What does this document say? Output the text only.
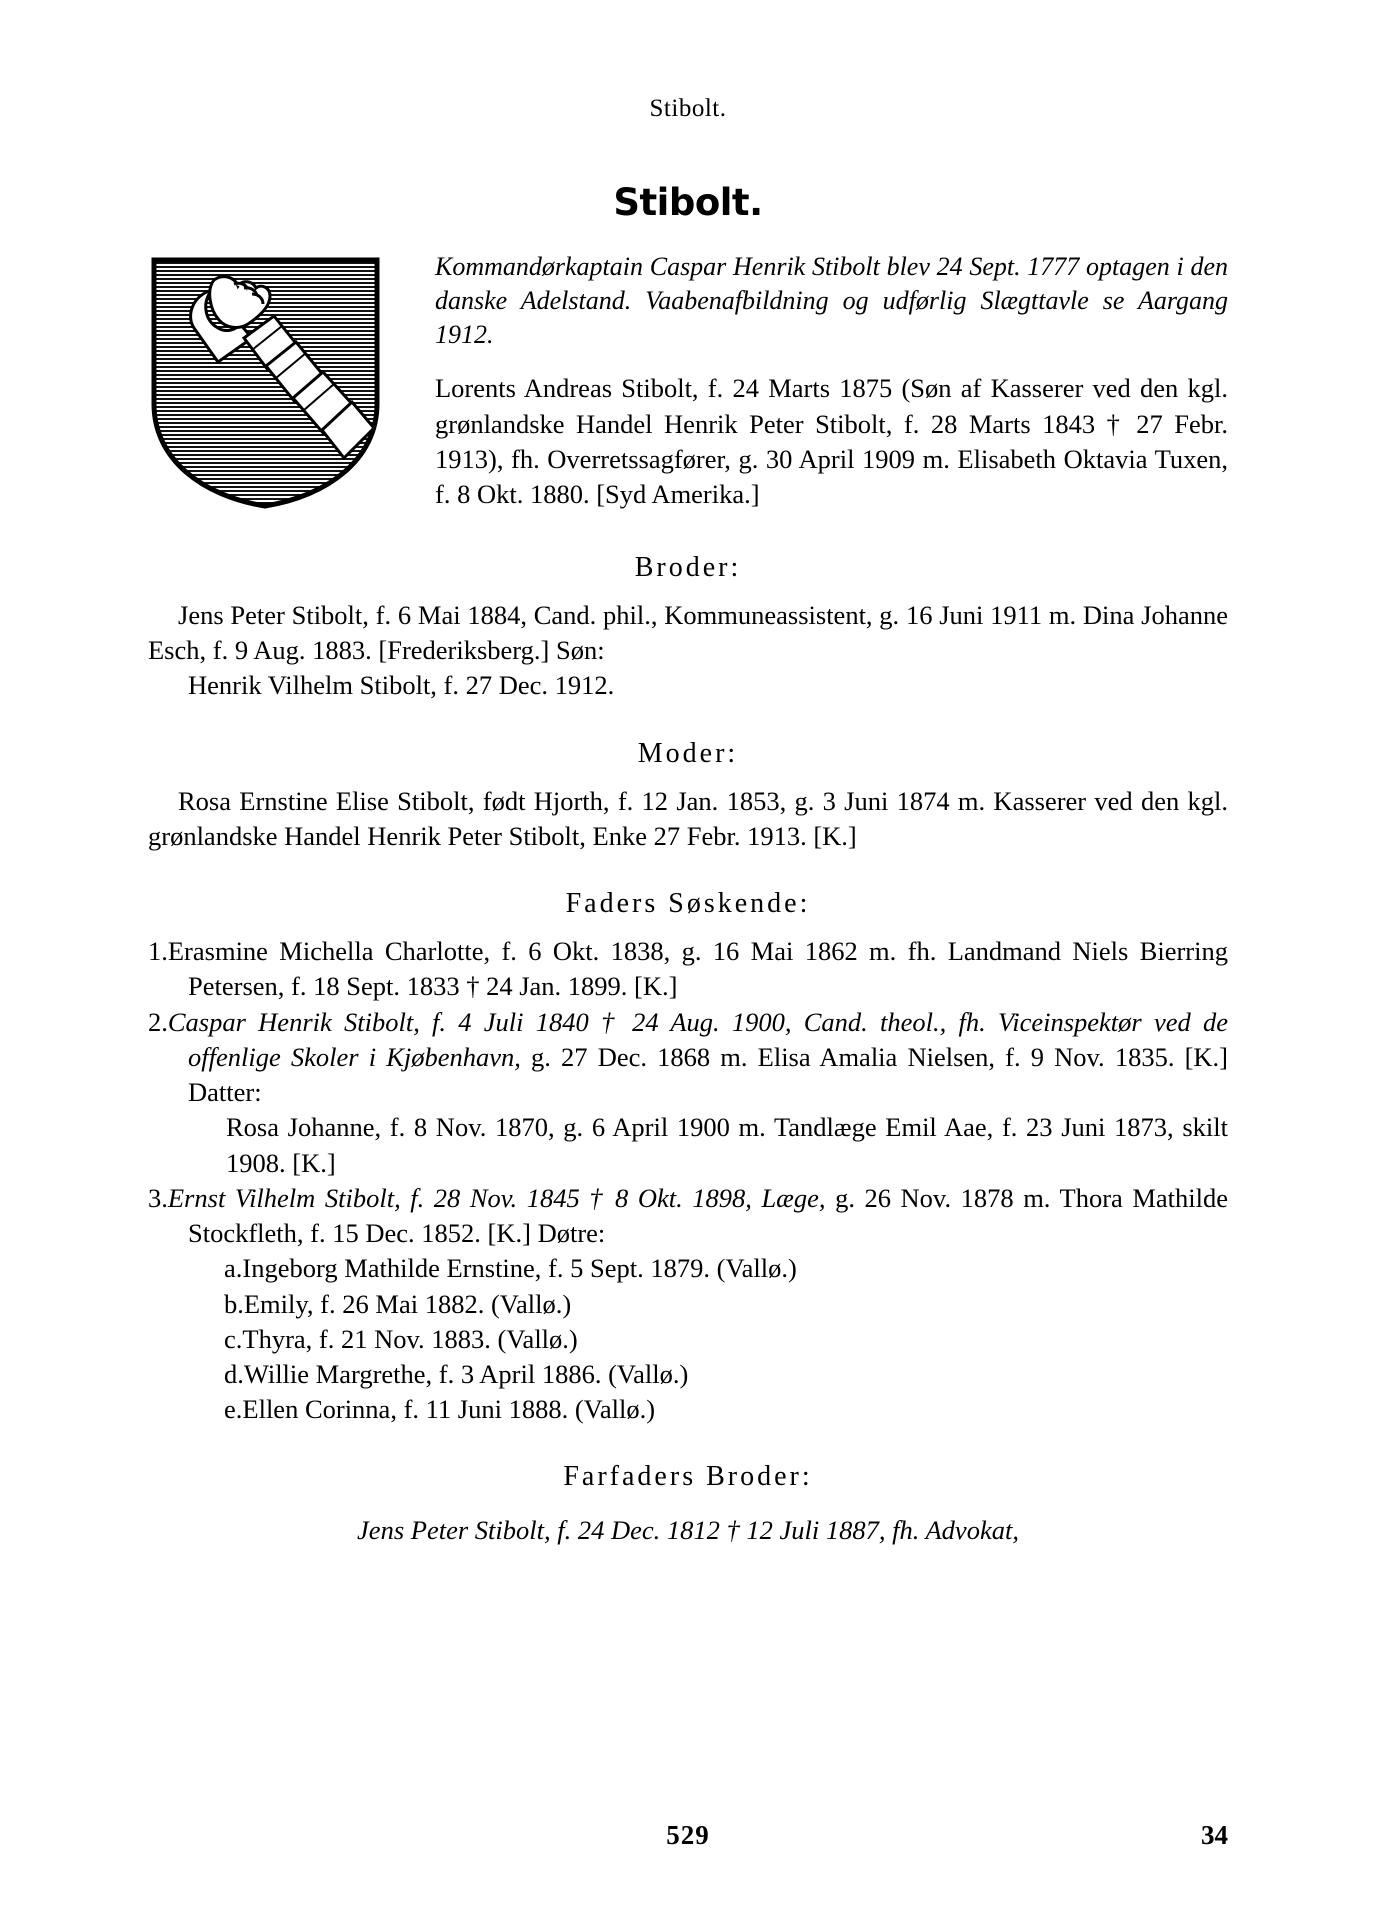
Stibolt.
Stibolt.
Kommandørkaptain Caspar Henrik Stibolt blev 24 Sept. 1777 optagen i den danske Adelstand. Vaabenafbildning og udførlig Slægttavle se Aargang 1912.
Lorents Andreas Stibolt, f. 24 Marts 1875 (Søn af Kasserer ved den kgl. grønlandske Handel Henrik Peter Stibolt, f. 28 Marts 1843 † 27 Febr. 1913), fh. Overretssagfører, g. 30 April 1909 m. Elisabeth Oktavia Tuxen, f. 8 Okt. 1880. [Syd Amerika.]
Broder:
Jens Peter Stibolt, f. 6 Mai 1884, Cand. phil., Kommuneassistent, g. 16 Juni 1911 m. Dina Johanne Esch, f. 9 Aug. 1883. [Frederiksberg.] Søn:
Henrik Vilhelm Stibolt, f. 27 Dec. 1912.
Moder:
Rosa Ernstine Elise Stibolt, født Hjorth, f. 12 Jan. 1853, g. 3 Juni 1874 m. Kasserer ved den kgl. grønlandske Handel Henrik Peter Stibolt, Enke 27 Febr. 1913. [K.]
Faders Søskende:
1.Erasmine Michella Charlotte, f. 6 Okt. 1838, g. 16 Mai 1862 m. fh. Landmand Niels Bierring Petersen, f. 18 Sept. 1833 † 24 Jan. 1899. [K.]
2.Caspar Henrik Stibolt, f. 4 Juli 1840 † 24 Aug. 1900, Cand. theol., fh. Viceinspektør ved de offenlige Skoler i Kjøbenhavn, g. 27 Dec. 1868 m. Elisa Amalia Nielsen, f. 9 Nov. 1835. [K.] Datter:
Rosa Johanne, f. 8 Nov. 1870, g. 6 April 1900 m. Tandlæge Emil Aae, f. 23 Juni 1873, skilt 1908. [K.]
3.Ernst Vilhelm Stibolt, f. 28 Nov. 1845 † 8 Okt. 1898, Læge, g. 26 Nov. 1878 m. Thora Mathilde Stockfleth, f. 15 Dec. 1852. [K.] Døtre:
a.Ingeborg Mathilde Ernstine, f. 5 Sept. 1879. (Vallø.)
b.Emily, f. 26 Mai 1882. (Vallø.)
c.Thyra, f. 21 Nov. 1883. (Vallø.)
d.Willie Margrethe, f. 3 April 1886. (Vallø.)
e.Ellen Corinna, f. 11 Juni 1888. (Vallø.)
Farfaders Broder:
Jens Peter Stibolt, f. 24 Dec. 1812 † 12 Juli 1887, fh. Advokat,
529	34
